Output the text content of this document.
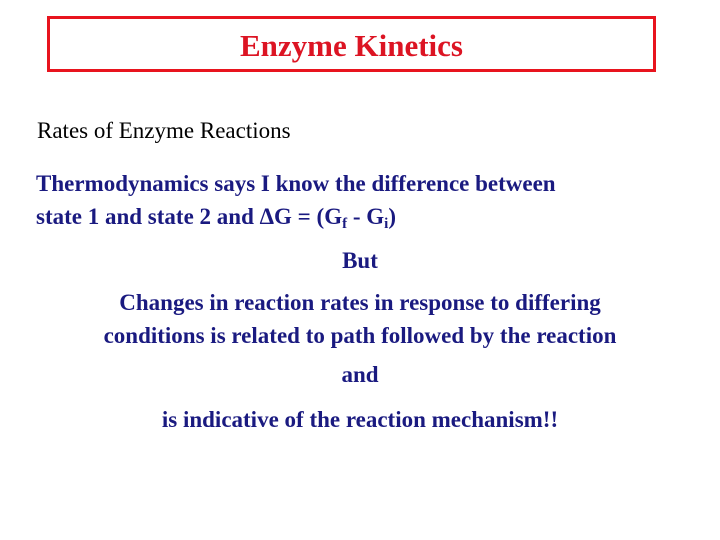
Enzyme Kinetics
Rates of Enzyme Reactions
Thermodynamics says I know the difference between
state 1 and state 2 and $\Delta G = (G_f - G_i)$
But
Changes in reaction rates in response to differing
conditions is related to path followed by the reaction
and
is indicative of the reaction mechanism!!
